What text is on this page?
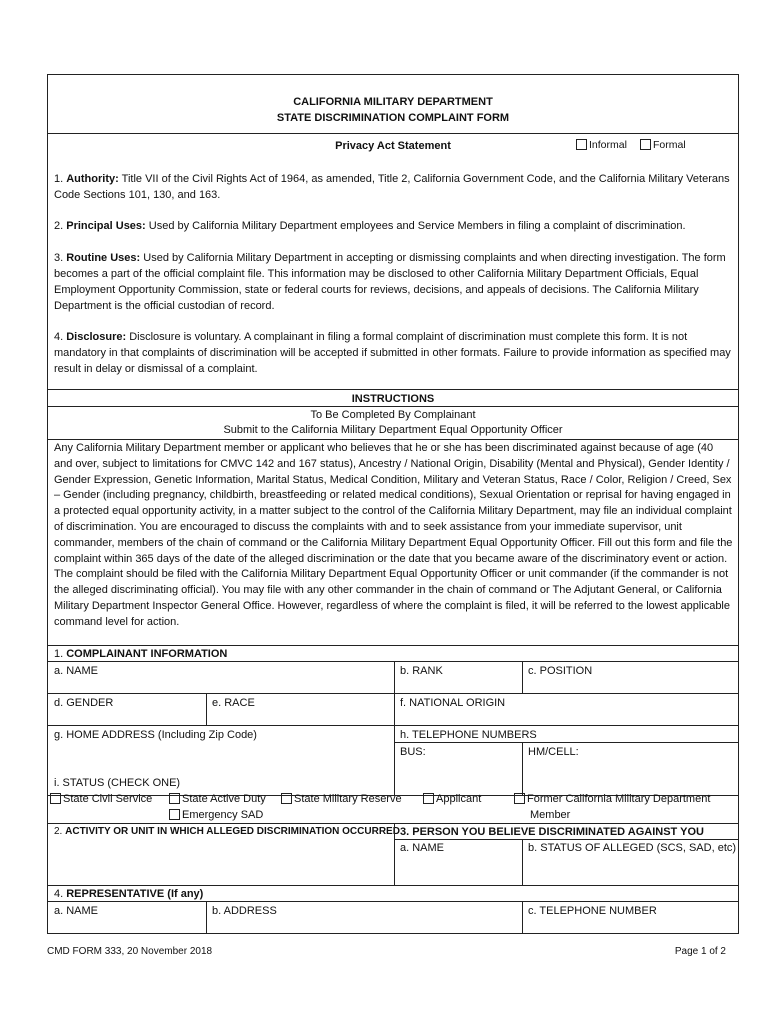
CALIFORNIA MILITARY DEPARTMENT
STATE DISCRIMINATION COMPLAINT FORM
Privacy Act Statement	Informal	Formal
1. Authority: Title VII of the Civil Rights Act of 1964, as amended, Title 2, California Government Code, and the California Military Veterans Code Sections 101, 130, and 163.
2. Principal Uses: Used by California Military Department employees and Service Members in filing a complaint of discrimination.
3. Routine Uses: Used by California Military Department in accepting or dismissing complaints and when directing investigation. The form becomes a part of the official complaint file. This information may be disclosed to other California Military Department Officials, Equal Employment Opportunity Commission, state or federal courts for reviews, decisions, and appeals of decisions. The California Military Department is the official custodian of record.
4. Disclosure: Disclosure is voluntary. A complainant in filing a formal complaint of discrimination must complete this form. It is not mandatory in that complaints of discrimination will be accepted if submitted in other formats. Failure to provide information as specified may result in delay or dismissal of a complaint.
INSTRUCTIONS
To Be Completed By Complainant
Submit to the California Military Department Equal Opportunity Officer
Any California Military Department member or applicant who believes that he or she has been discriminated against because of age (40 and over, subject to limitations for CMVC 142 and 167 status), Ancestry / National Origin, Disability (Mental and Physical), Gender Identity / Gender Expression, Genetic Information, Marital Status, Medical Condition, Military and Veteran Status, Race / Color, Religion / Creed, Sex – Gender (including pregnancy, childbirth, breastfeeding or related medical conditions), Sexual Orientation or reprisal for having engaged in a protected equal opportunity activity, in a matter subject to the control of the California Military Department, may file an individual complaint of discrimination. You are encouraged to discuss the complaints with and to seek assistance from your immediate supervisor, unit commander, members of the chain of command or the California Military Department Equal Opportunity Officer. Fill out this form and file the complaint within 365 days of the date of the alleged discrimination or the date that you became aware of the discriminatory event or action. The complaint should be filed with the California Military Department Equal Opportunity Officer or unit commander (if the commander is not the alleged discriminating official). You may file with any other commander in the chain of command or The Adjutant General, or California Military Department Inspector General Office. However, regardless of where the complaint is filed, it will be referred to the lowest applicable command level for action.
1. COMPLAINANT INFORMATION
a. NAME	b. RANK	c. POSITION
d. GENDER	e. RACE	f. NATIONAL ORIGIN
g. HOME ADDRESS (Including Zip Code)	h. TELEPHONE NUMBERS
BUS:	HM/CELL:
i. STATUS (CHECK ONE)
State Civil Service	State Active Duty
Emergency SAD
State Military Reserve	Applicant	Former California Military Department
Member
2. ACTIVITY OR UNIT IN WHICH ALLEGED DISCRIMINATION OCCURRED 3. PERSON YOU BELIEVE DISCRIMINATED AGAINST YOU
a. NAME	b. STATUS OF ALLEGED (SCS, SAD, etc)
4. REPRESENTATIVE (If any)
a. NAME	b. ADDRESS	c. TELEPHONE NUMBER
CMD FORM 333, 20 November 2018	Page 1 of 2
